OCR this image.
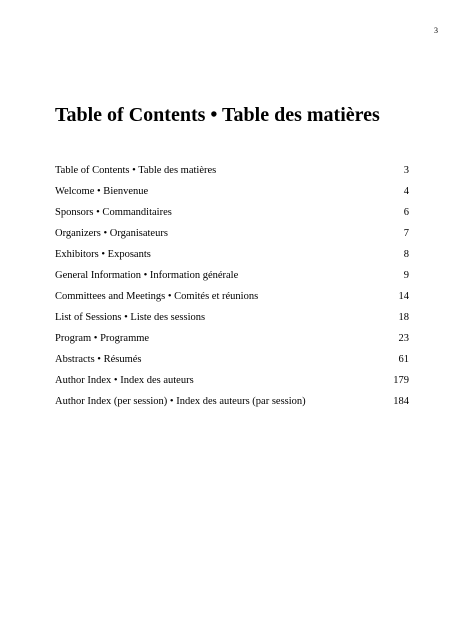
3
Table of Contents • Table des matières
Table of Contents • Table des matières	3
Welcome • Bienvenue	4
Sponsors • Commanditaires	6
Organizers • Organisateurs	7
Exhibitors • Exposants	8
General Information • Information générale	9
Committees and Meetings • Comités et réunions	14
List of Sessions • Liste des sessions	18
Program • Programme	23
Abstracts • Résumés	61
Author Index • Index des auteurs	179
Author Index (per session) • Index des auteurs (par session)	184
